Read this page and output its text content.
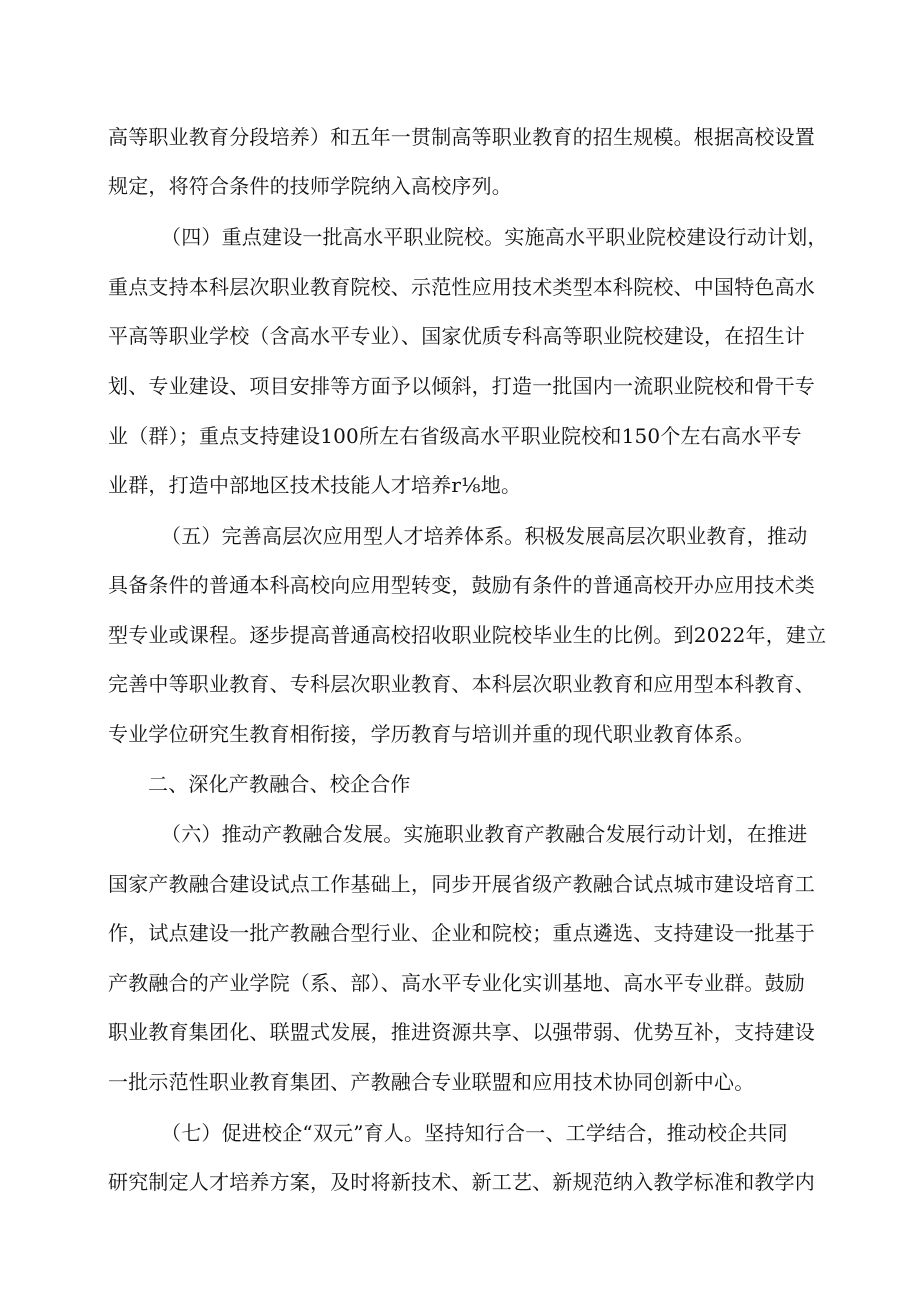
高等职业教育分段培养）和五年一贯制高等职业教育的招生规模。根据高校设置
规定，将符合条件的技师学院纳入高校序列。
（四）重点建设一批高水平职业院校。实施高水平职业院校建设行动计划，
重点支持本科层次职业教育院校、示范性应用技术类型本科院校、中国特色高水
平高等职业学校（含高水平专业）、国家优质专科高等职业院校建设，在招生计
划、专业建设、项目安排等方面予以倾斜，打造一批国内一流职业院校和骨干专
业（群）；重点支持建设100所左右省级高水平职业院校和150个左右高水平专
业群，打造中部地区技术技能人才培养r⅛地。
（五）完善高层次应用型人才培养体系。积极发展高层次职业教育，推动
具备条件的普通本科高校向应用型转变，鼓励有条件的普通高校开办应用技术类
型专业或课程。逐步提高普通高校招收职业院校毕业生的比例。到2022年，建立
完善中等职业教育、专科层次职业教育、本科层次职业教育和应用型本科教育、
专业学位研究生教育相衔接，学历教育与培训并重的现代职业教育体系。
二、深化产教融合、校企合作
（六）推动产教融合发展。实施职业教育产教融合发展行动计划，在推进
国家产教融合建设试点工作基础上，同步开展省级产教融合试点城市建设培育工
作，试点建设一批产教融合型行业、企业和院校；重点遴选、支持建设一批基于
产教融合的产业学院（系、部）、高水平专业化实训基地、高水平专业群。鼓励
职业教育集团化、联盟式发展，推进资源共享、以强带弱、优势互补，支持建设
一批示范性职业教育集团、产教融合专业联盟和应用技术协同创新中心。
（七）促进校企“双元”育人。坚持知行合一、工学结合，推动校企共同
研究制定人才培养方案，及时将新技术、新工艺、新规范纳入教学标准和教学内
